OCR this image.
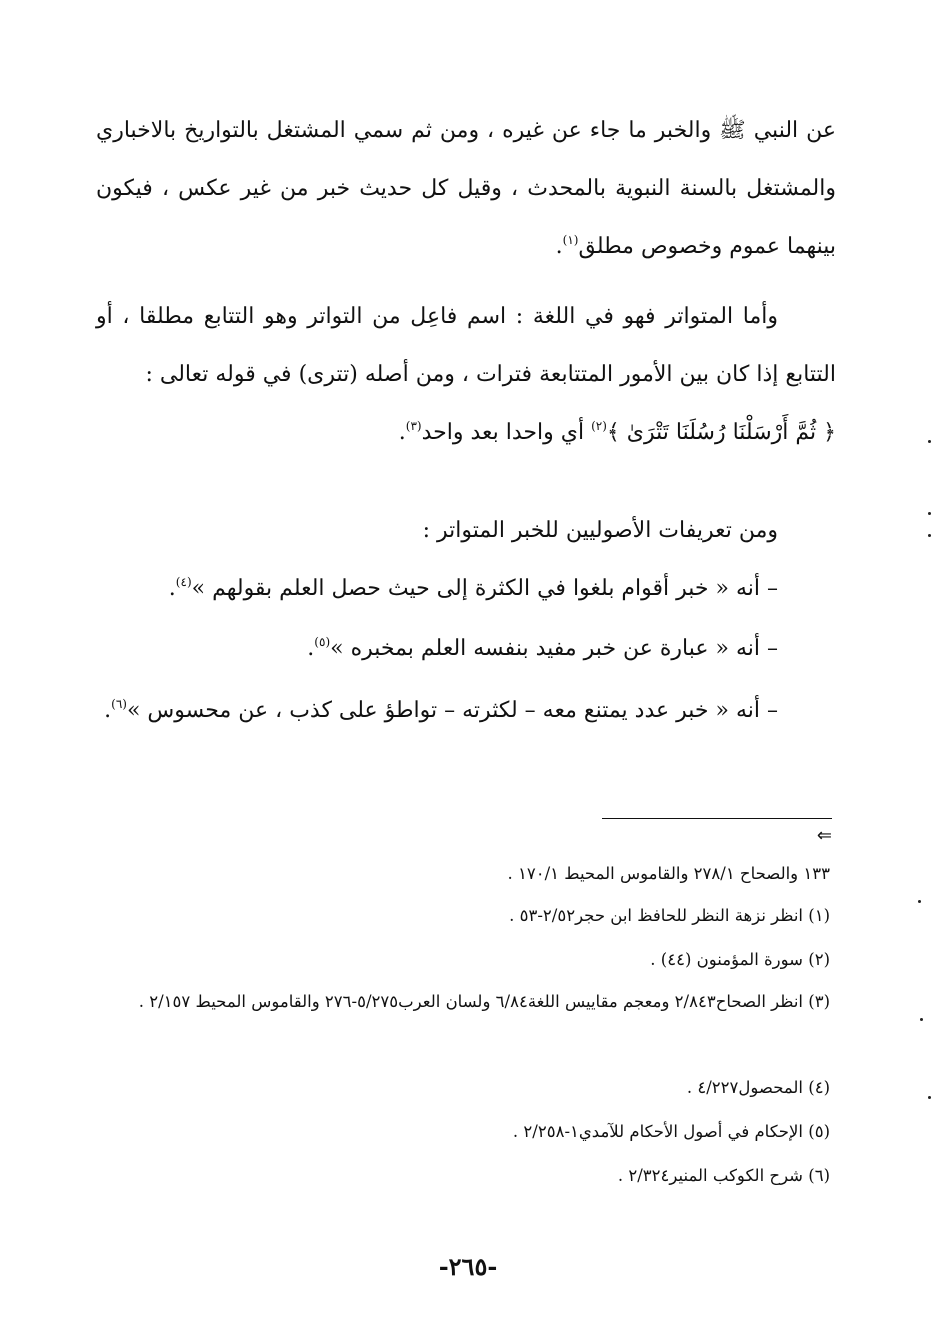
عن النبي ﷺ والخبر ما جاء عن غيره ، ومن ثم سمي المشتغل بالتواريخ بالاخباري والمشتغل بالسنة النبوية بالمحدث ، وقيل كل حديث خبر من غير عكس ، فيكون بينهما عموم وخصوص مطلق$^{(١)}$.

وأما المتواتر فهو في اللغة : اسم فاعِل من التواتر وهو التتابع مطلقا ، أو التتابع إذا كان بين الأمور المتتابعة فترات ، ومن أصله (تترى) في قوله تعالى :
﴿ ثُمَّ أَرْسَلْنَا رُسُلَنَا تَتْرَىٰ ﴾$^{(٢)}$ أي واحدا بعد واحد$^{(٣)}$.

ومن تعريفات الأصوليين للخبر المتواتر :

– أنه « خبر أقوام بلغوا في الكثرة إلى حيث حصل العلم بقولهم »$^{(٤)}$.

– أنه « عبارة عن خبر مفيد بنفسه العلم بمخبره »$^{(٥)}$.

– أنه « خبر عدد يمتنع معه – لكثرته – تواطؤ على كذب ، عن محسوس »$^{(٦)}$.

⇐
١٣٣ والصحاح ٢٧٨/١ والقاموس المحيط ١٧٠/١ .
(١) انظر نزهة النظر للحافظ ابن حجر٢/٥٢-٥٣ .
(٢) سورة المؤمنون (٤٤) .
(٣) انظر الصحاح٢/٨٤٣ ومعجم مقاييس اللغة٦/٨٤ ولسان العرب٥/٢٧٥-٢٧٦ والقاموس المحيط ٢/١٥٧ .
(٤) المحصول٤/٢٢٧ .
(٥) الإحكام في أصول الأحكام للآمدي١-٢/٢٥٨ .
(٦) شرح الكوكب المنير٢/٣٢٤ .
-٢٦٥-
